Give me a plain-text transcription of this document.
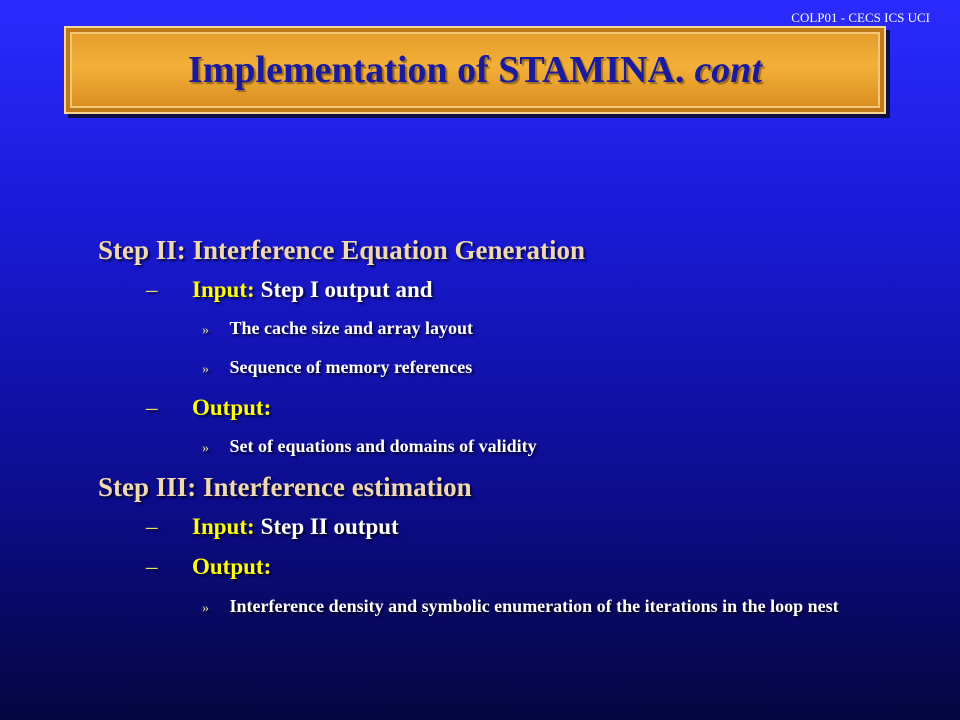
COLP01 - CECS ICS UCI
Implementation of STAMINA. cont

Step II: Interference Equation Generation

–	Input: Step I output and
»	The cache size and array layout
»	Sequence of memory references
–	Output:
»	Set of equations and domains of validity

Step III: Interference estimation

–	Input: Step II output
–	Output:
»	Interference density and symbolic enumeration of the iterations in the loop nest
